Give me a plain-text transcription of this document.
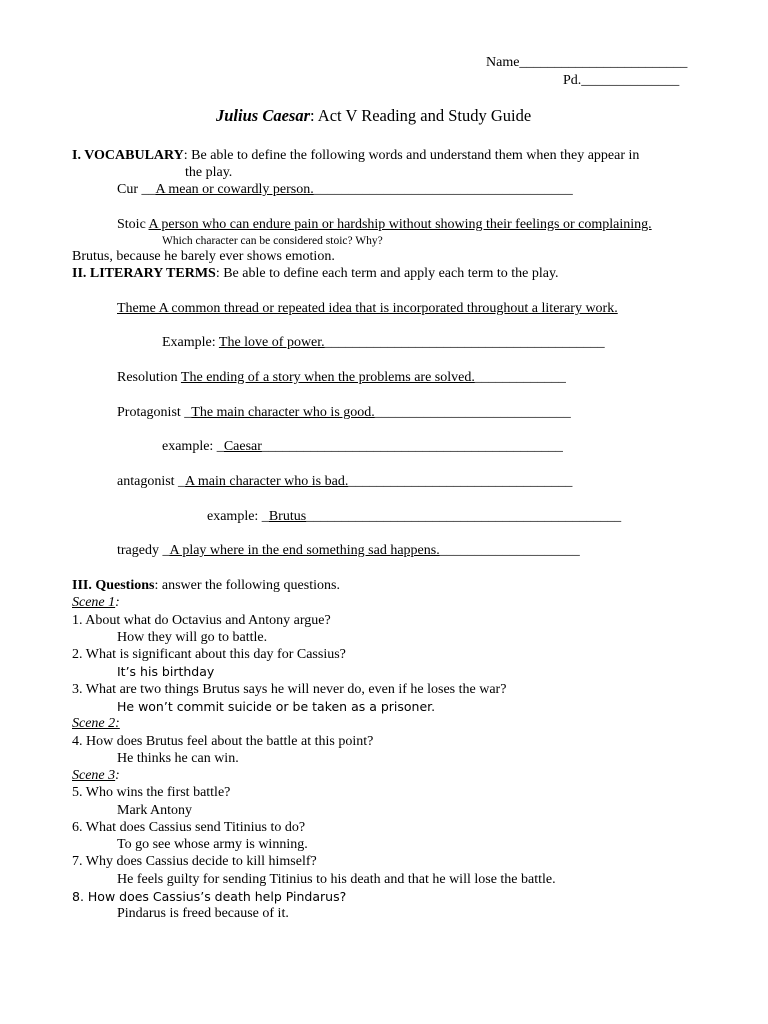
Name________________________
Pd.______________
Julius Caesar: Act V Reading and Study Guide
I. VOCABULARY: Be able to define the following words and understand them when they appear in
the play.
Cur __A mean or cowardly person._____________________________________
Stoic A person who can endure pain or hardship without showing their feelings or complaining.
Which character can be considered stoic? Why?
Brutus, because he barely ever shows emotion.
II. LITERARY TERMS: Be able to define each term and apply each term to the play.
Theme A common thread or repeated idea that is incorporated throughout a literary work.
Example: The love of power.________________________________________
Resolution The ending of a story when the problems are solved._____________
Protagonist _The main character who is good.____________________________
example: _Caesar___________________________________________
antagonist _A main character who is bad.________________________________
example: _Brutus_____________________________________________
tragedy _A play where in the end something sad happens.____________________
III. Questions: answer the following questions.
Scene 1:
1. About what do Octavius and Antony argue?
How they will go to battle.
2. What is significant about this day for Cassius?
It’s his birthday
3. What are two things Brutus says he will never do, even if he loses the war?
He won’t commit suicide or be taken as a prisoner.
Scene 2:
4. How does Brutus feel about the battle at this point?
He thinks he can win.
Scene 3:
5. Who wins the first battle?
Mark Antony
6. What does Cassius send Titinius to do?
To go see whose army is winning.
7. Why does Cassius decide to kill himself?
He feels guilty for sending Titinius to his death and that he will lose the battle.
8. How does Cassius’s death help Pindarus?
Pindarus is freed because of it.
